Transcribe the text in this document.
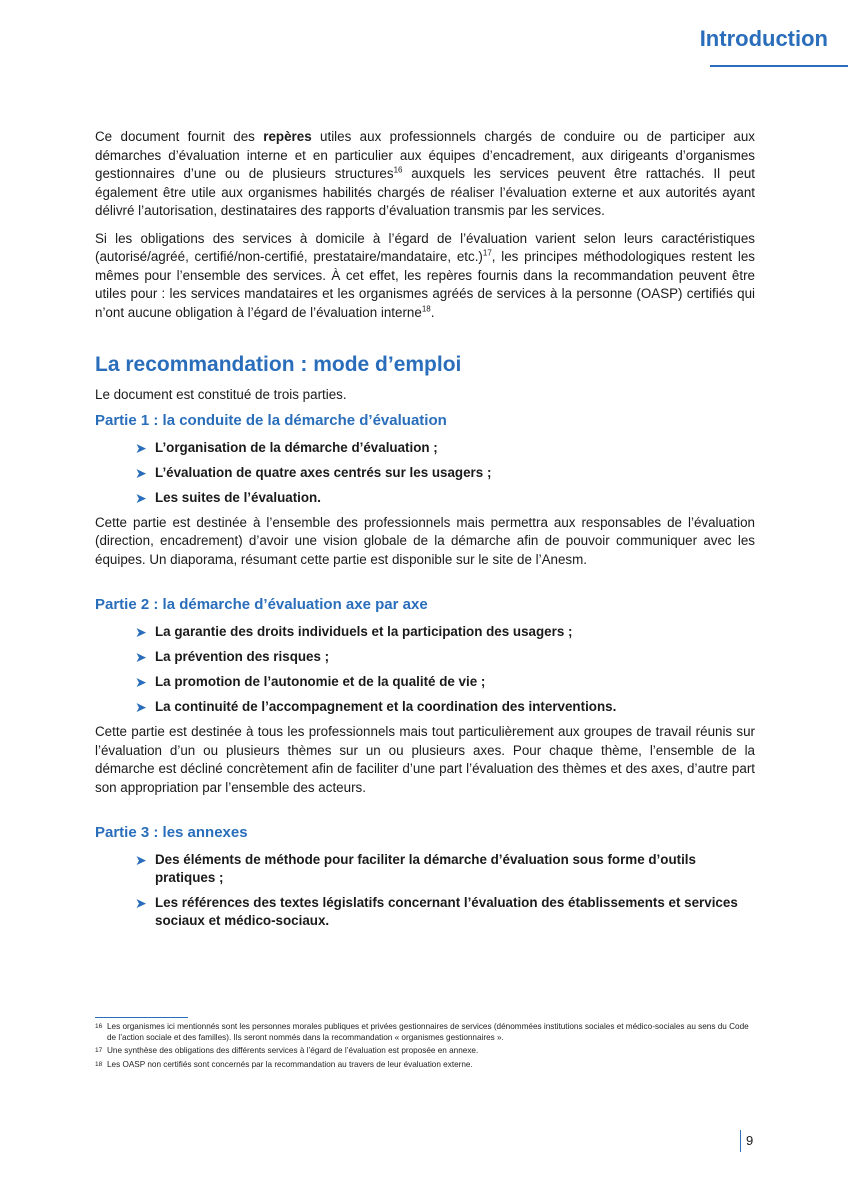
Introduction

Ce document fournit des repères utiles aux professionnels chargés de conduire ou de participer aux démarches d’évaluation interne et en particulier aux équipes d’encadrement, aux dirigeants d’organismes gestionnaires d’une ou de plusieurs structures$^{16}$ auxquels les services peuvent être rattachés. Il peut également être utile aux organismes habilités chargés de réaliser l’évaluation externe et aux autorités ayant délivré l’autorisation, destinataires des rapports d’évaluation transmis par les services.

Si les obligations des services à domicile à l’égard de l’évaluation varient selon leurs caractéristiques (autorisé/agréé, certifié/non-certifié, prestataire/mandataire, etc.)$^{17}$, les principes méthodologiques restent les mêmes pour l’ensemble des services. À cet effet, les repères fournis dans la recommandation peuvent être utiles pour : les services mandataires et les organismes agréés de services à la personne (OASP) certifiés qui n’ont aucune obligation à l’égard de l’évaluation interne$^{18}$.

La recommandation : mode d’emploi

Le document est constitué de trois parties.

Partie 1 : la conduite de la démarche d’évaluation
➤ L’organisation de la démarche d’évaluation ;
➤ L’évaluation de quatre axes centrés sur les usagers ;
➤ Les suites de l’évaluation.

Cette partie est destinée à l’ensemble des professionnels mais permettra aux responsables de l’évaluation (direction, encadrement) d’avoir une vision globale de la démarche afin de pouvoir communiquer avec les équipes. Un diaporama, résumant cette partie est disponible sur le site de l’Anesm.

Partie 2 : la démarche d’évaluation axe par axe
➤ La garantie des droits individuels et la participation des usagers ;
➤ La prévention des risques ;
➤ La promotion de l’autonomie et de la qualité de vie ;
➤ La continuité de l’accompagnement et la coordination des interventions.

Cette partie est destinée à tous les professionnels mais tout particulièrement aux groupes de travail réunis sur l’évaluation d’un ou plusieurs thèmes sur un ou plusieurs axes. Pour chaque thème, l’ensemble de la démarche est décliné concrètement afin de faciliter d’une part l’évaluation des thèmes et des axes, d’autre part son appropriation par l’ensemble des acteurs.

Partie 3 : les annexes
➤ Des éléments de méthode pour faciliter la démarche d’évaluation sous forme d’outils pratiques ;
➤ Les références des textes législatifs concernant l’évaluation des établissements et services sociaux et médico-sociaux.
16 Les organismes ici mentionnés sont les personnes morales publiques et privées gestionnaires de services (dénommées institutions sociales et médico-sociales au sens du Code de l’action sociale et des familles). Ils seront nommés dans la recommandation « organismes gestionnaires ».
17 Une synthèse des obligations des différents services à l’égard de l’évaluation est proposée en annexe.
18 Les OASP non certifiés sont concernés par la recommandation au travers de leur évaluation externe.
9
